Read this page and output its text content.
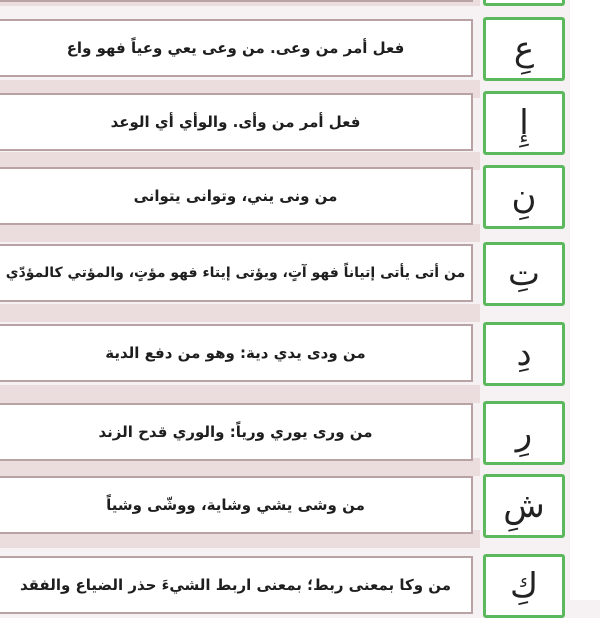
فعل أمر من وعى. من وعى يعي وعياً فهو واع	عِ
فعل أمر من وأى. والوأي أي الوعد	إِ
من ونى يني، وتوانى يتوانى	نِ
من أتى يأتى إتياناً فهو آتٍ، ويؤتى إيتاء فهو مؤتٍ، والمؤتي كالمؤدّي	تِ
من ودى يدي دية: وهو من دفع الدية	دِ
من ورى يوري ورياً: والوري قدح الزند	رِ
من وشى يشي وشاية، ووشّى وشياً	شِ
من وكا بمعنى ربط؛ بمعنى اربط الشيءَ حذر الضياع والفقد	كِ
